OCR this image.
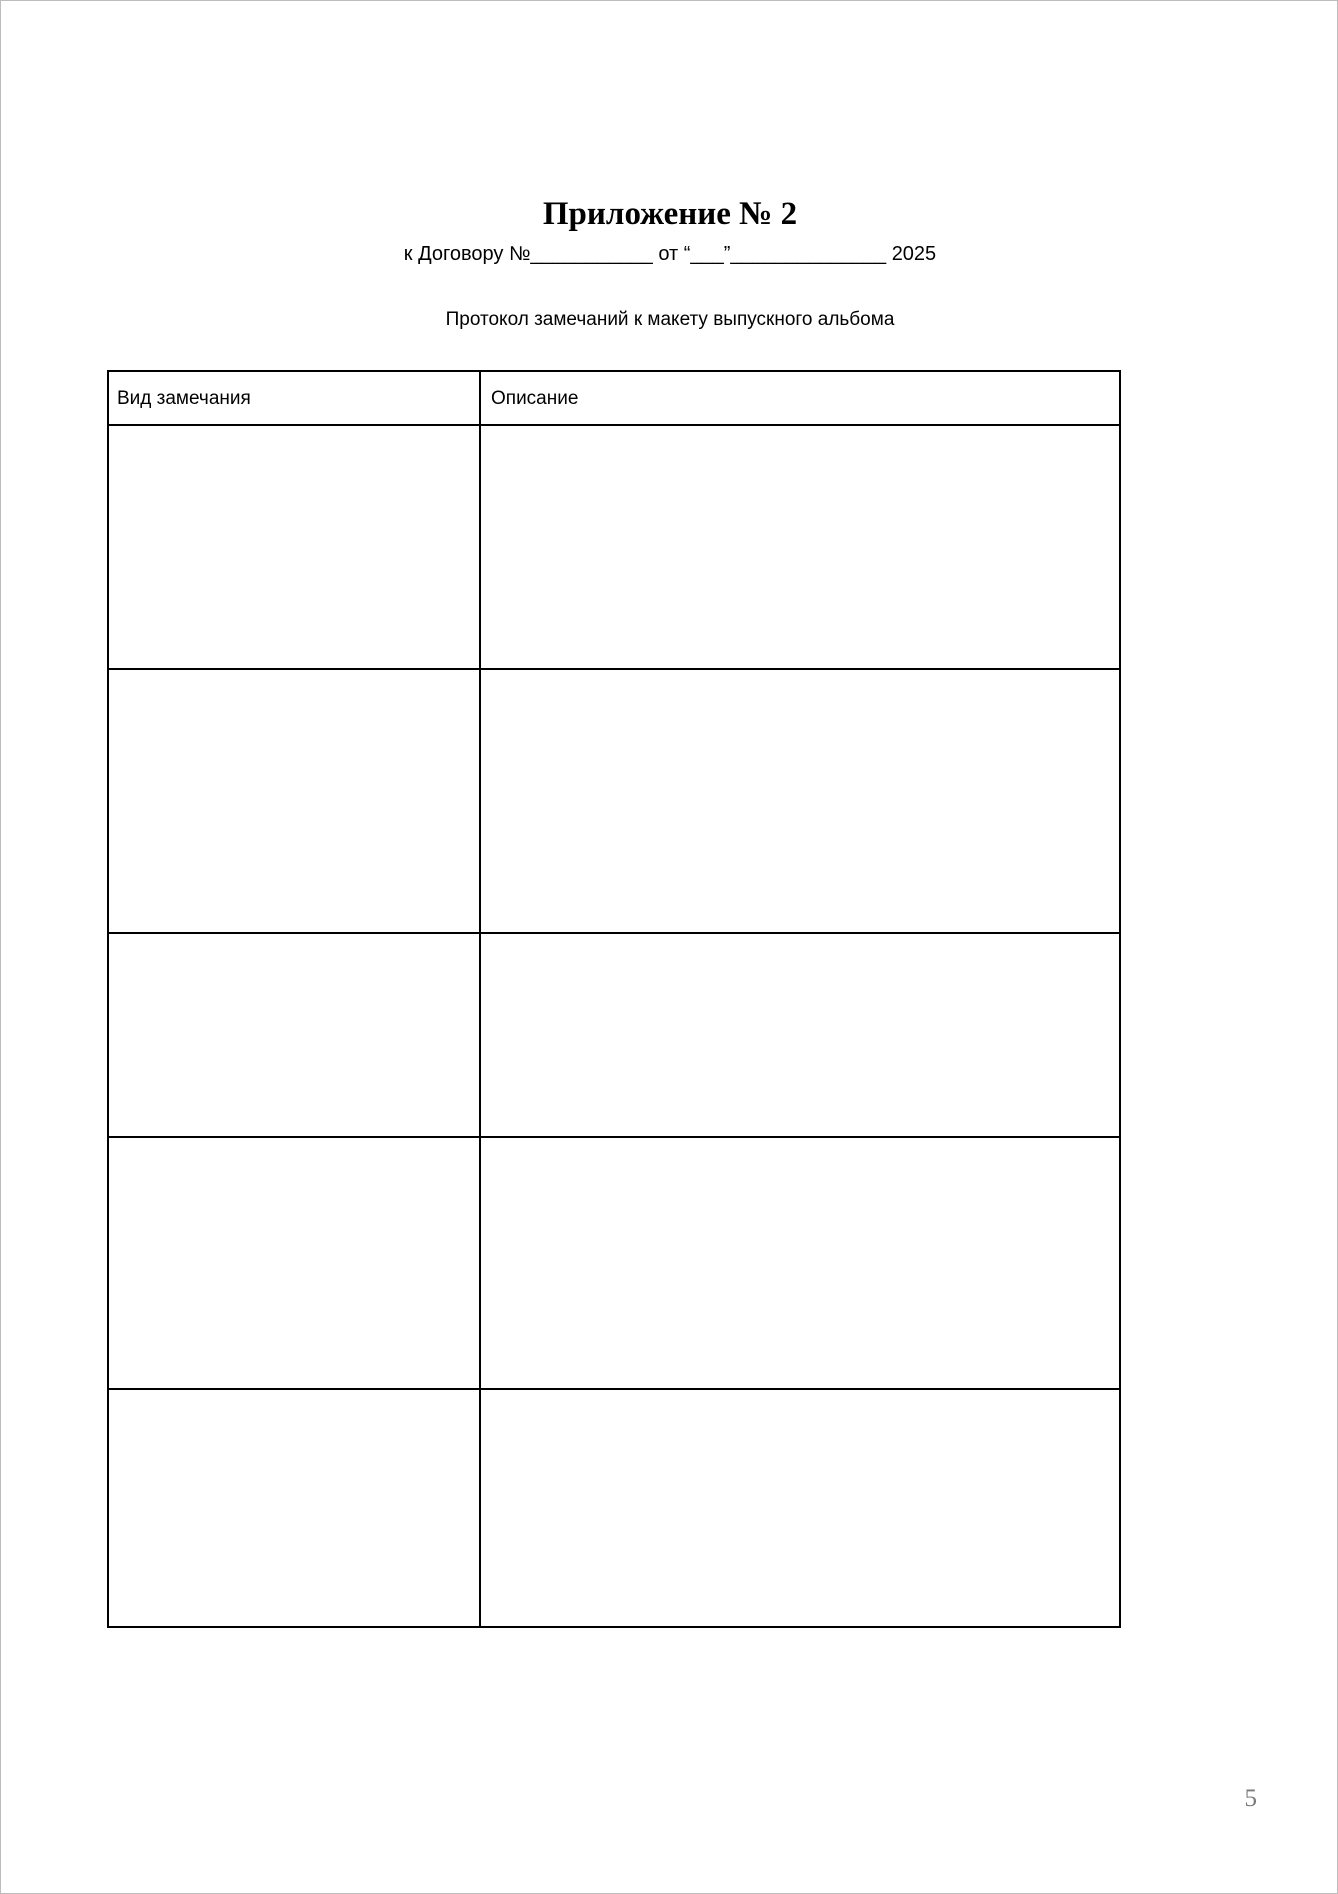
Приложение № 2
к Договору №___________ от “___”______________ 2025
Протокол замечаний к макету выпускного альбома
Вид замечания	Описание

5
